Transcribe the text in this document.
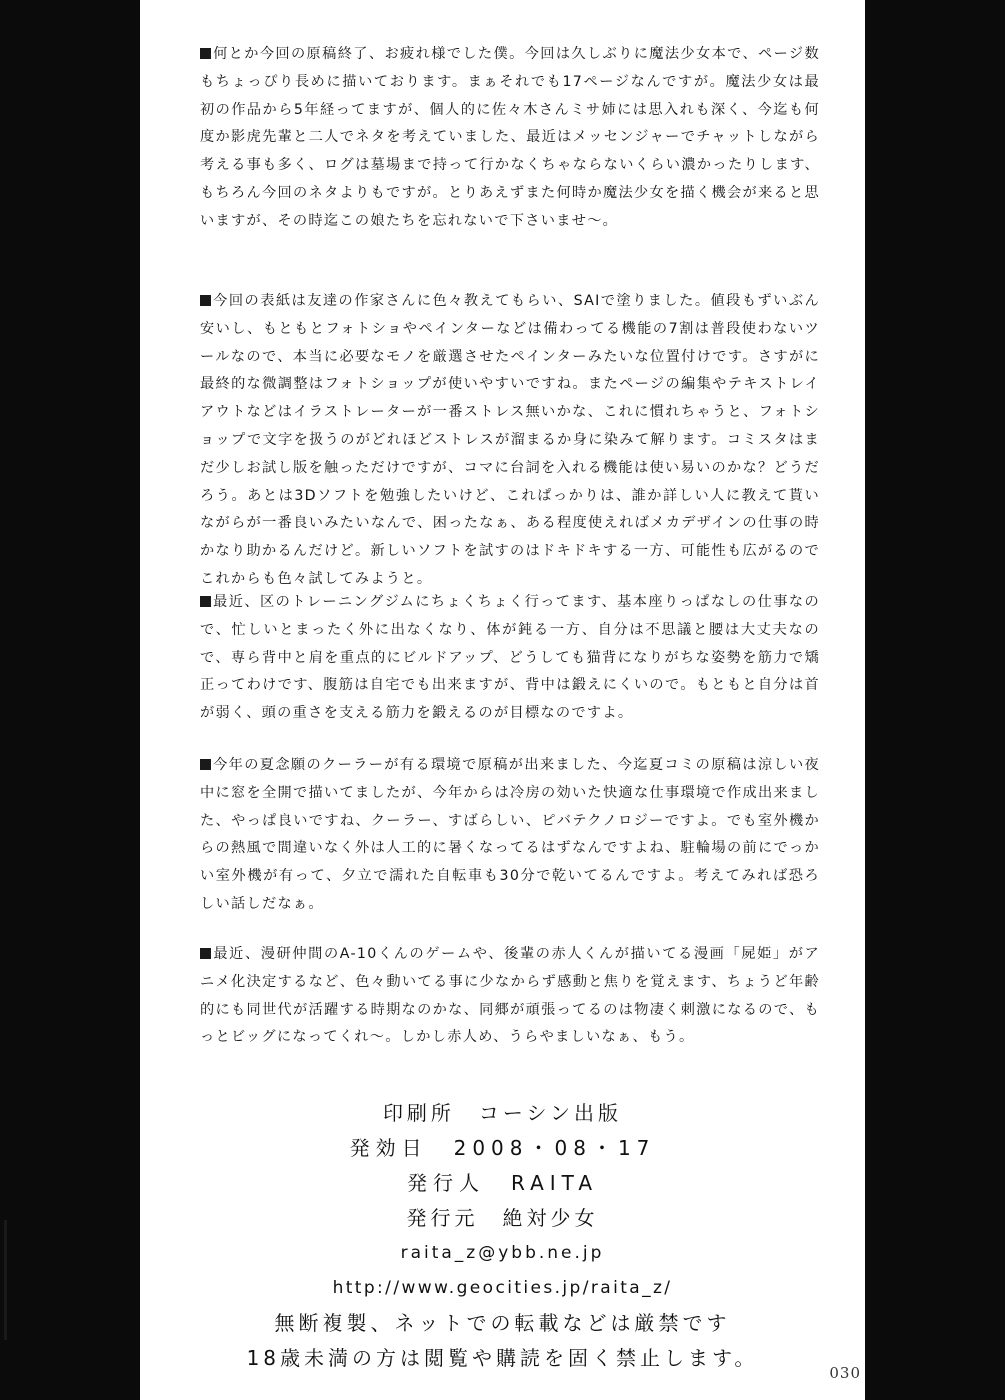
何とか今回の原稿終了、お疲れ様でした僕。今回は久しぶりに魔法少女本で、ページ数もちょっぴり長めに描いております。まぁそれでも17ページなんですが。魔法少女は最初の作品から5年経ってますが、個人的に佐々木さんミサ姉には思入れも深く、今迄も何度か影虎先輩と二人でネタを考えていました、最近はメッセンジャーでチャットしながら考える事も多く、ログは墓場まで持って行かなくちゃならないくらい濃かったりします、もちろん今回のネタよりもですが。とりあえずまた何時か魔法少女を描く機会が来ると思いますが、その時迄この娘たちを忘れないで下さいませ～。

今回の表紙は友達の作家さんに色々教えてもらい、SAIで塗りました。値段もずいぶん安いし、もともとフォトショやペインターなどは備わってる機能の7割は普段使わないツールなので、本当に必要なモノを厳選させたペインターみたいな位置付けです。さすがに最終的な微調整はフォトショップが使いやすいですね。またページの編集やテキストレイアウトなどはイラストレーターが一番ストレス無いかな、これに慣れちゃうと、フォトショップで文字を扱うのがどれほどストレスが溜まるか身に染みて解ります。コミスタはまだ少しお試し版を触っただけですが、コマに台詞を入れる機能は使い易いのかな？どうだろう。あとは3Dソフトを勉強したいけど、これぱっかりは、誰か詳しい人に教えて貰いながらが一番良いみたいなんで、困ったなぁ、ある程度使えればメカデザインの仕事の時かなり助かるんだけど。新しいソフトを試すのはドキドキする一方、可能性も広がるのでこれからも色々試してみようと。

最近、区のトレーニングジムにちょくちょく行ってます、基本座りっぱなしの仕事なので、忙しいとまったく外に出なくなり、体が鈍る一方、自分は不思議と腰は大丈夫なので、専ら背中と肩を重点的にビルドアップ、どうしても猫背になりがちな姿勢を筋力で矯正ってわけです、腹筋は自宅でも出来ますが、背中は鍛えにくいので。もともと自分は首が弱く、頭の重さを支える筋力を鍛えるのが目標なのですよ。

今年の夏念願のクーラーが有る環境で原稿が出来ました、今迄夏コミの原稿は涼しい夜中に窓を全開で描いてましたが、今年からは冷房の効いた快適な仕事環境で作成出来ました、やっぱ良いですね、クーラー、すばらしい、ピバテクノロジーですよ。でも室外機からの熱風で間違いなく外は人工的に暑くなってるはずなんですよね、駐輪場の前にでっかい室外機が有って、夕立で濡れた自転車も30分で乾いてるんですよ。考えてみれば恐ろしい話しだなぁ。

最近、漫研仲間のA-10くんのゲームや、後輩の赤人くんが描いてる漫画「屍姫」がアニメ化決定するなど、色々動いてる事に少なからず感動と焦りを覚えます、ちょうど年齢的にも同世代が活躍する時期なのかな、同郷が頑張ってるのは物凄く刺激になるので、もっとビッグになってくれ～。しかし赤人め、うらやましいなぁ、もう。

印刷所　コーシン出版
発効日　2008・08・17
発行人　RAITA
発行元　絶対少女
raita_z@ybb.ne.jp
http://www.geocities.jp/raita_z/
無断複製、ネットでの転載などは厳禁です
18歳未満の方は閲覧や購読を固く禁止します。
030
